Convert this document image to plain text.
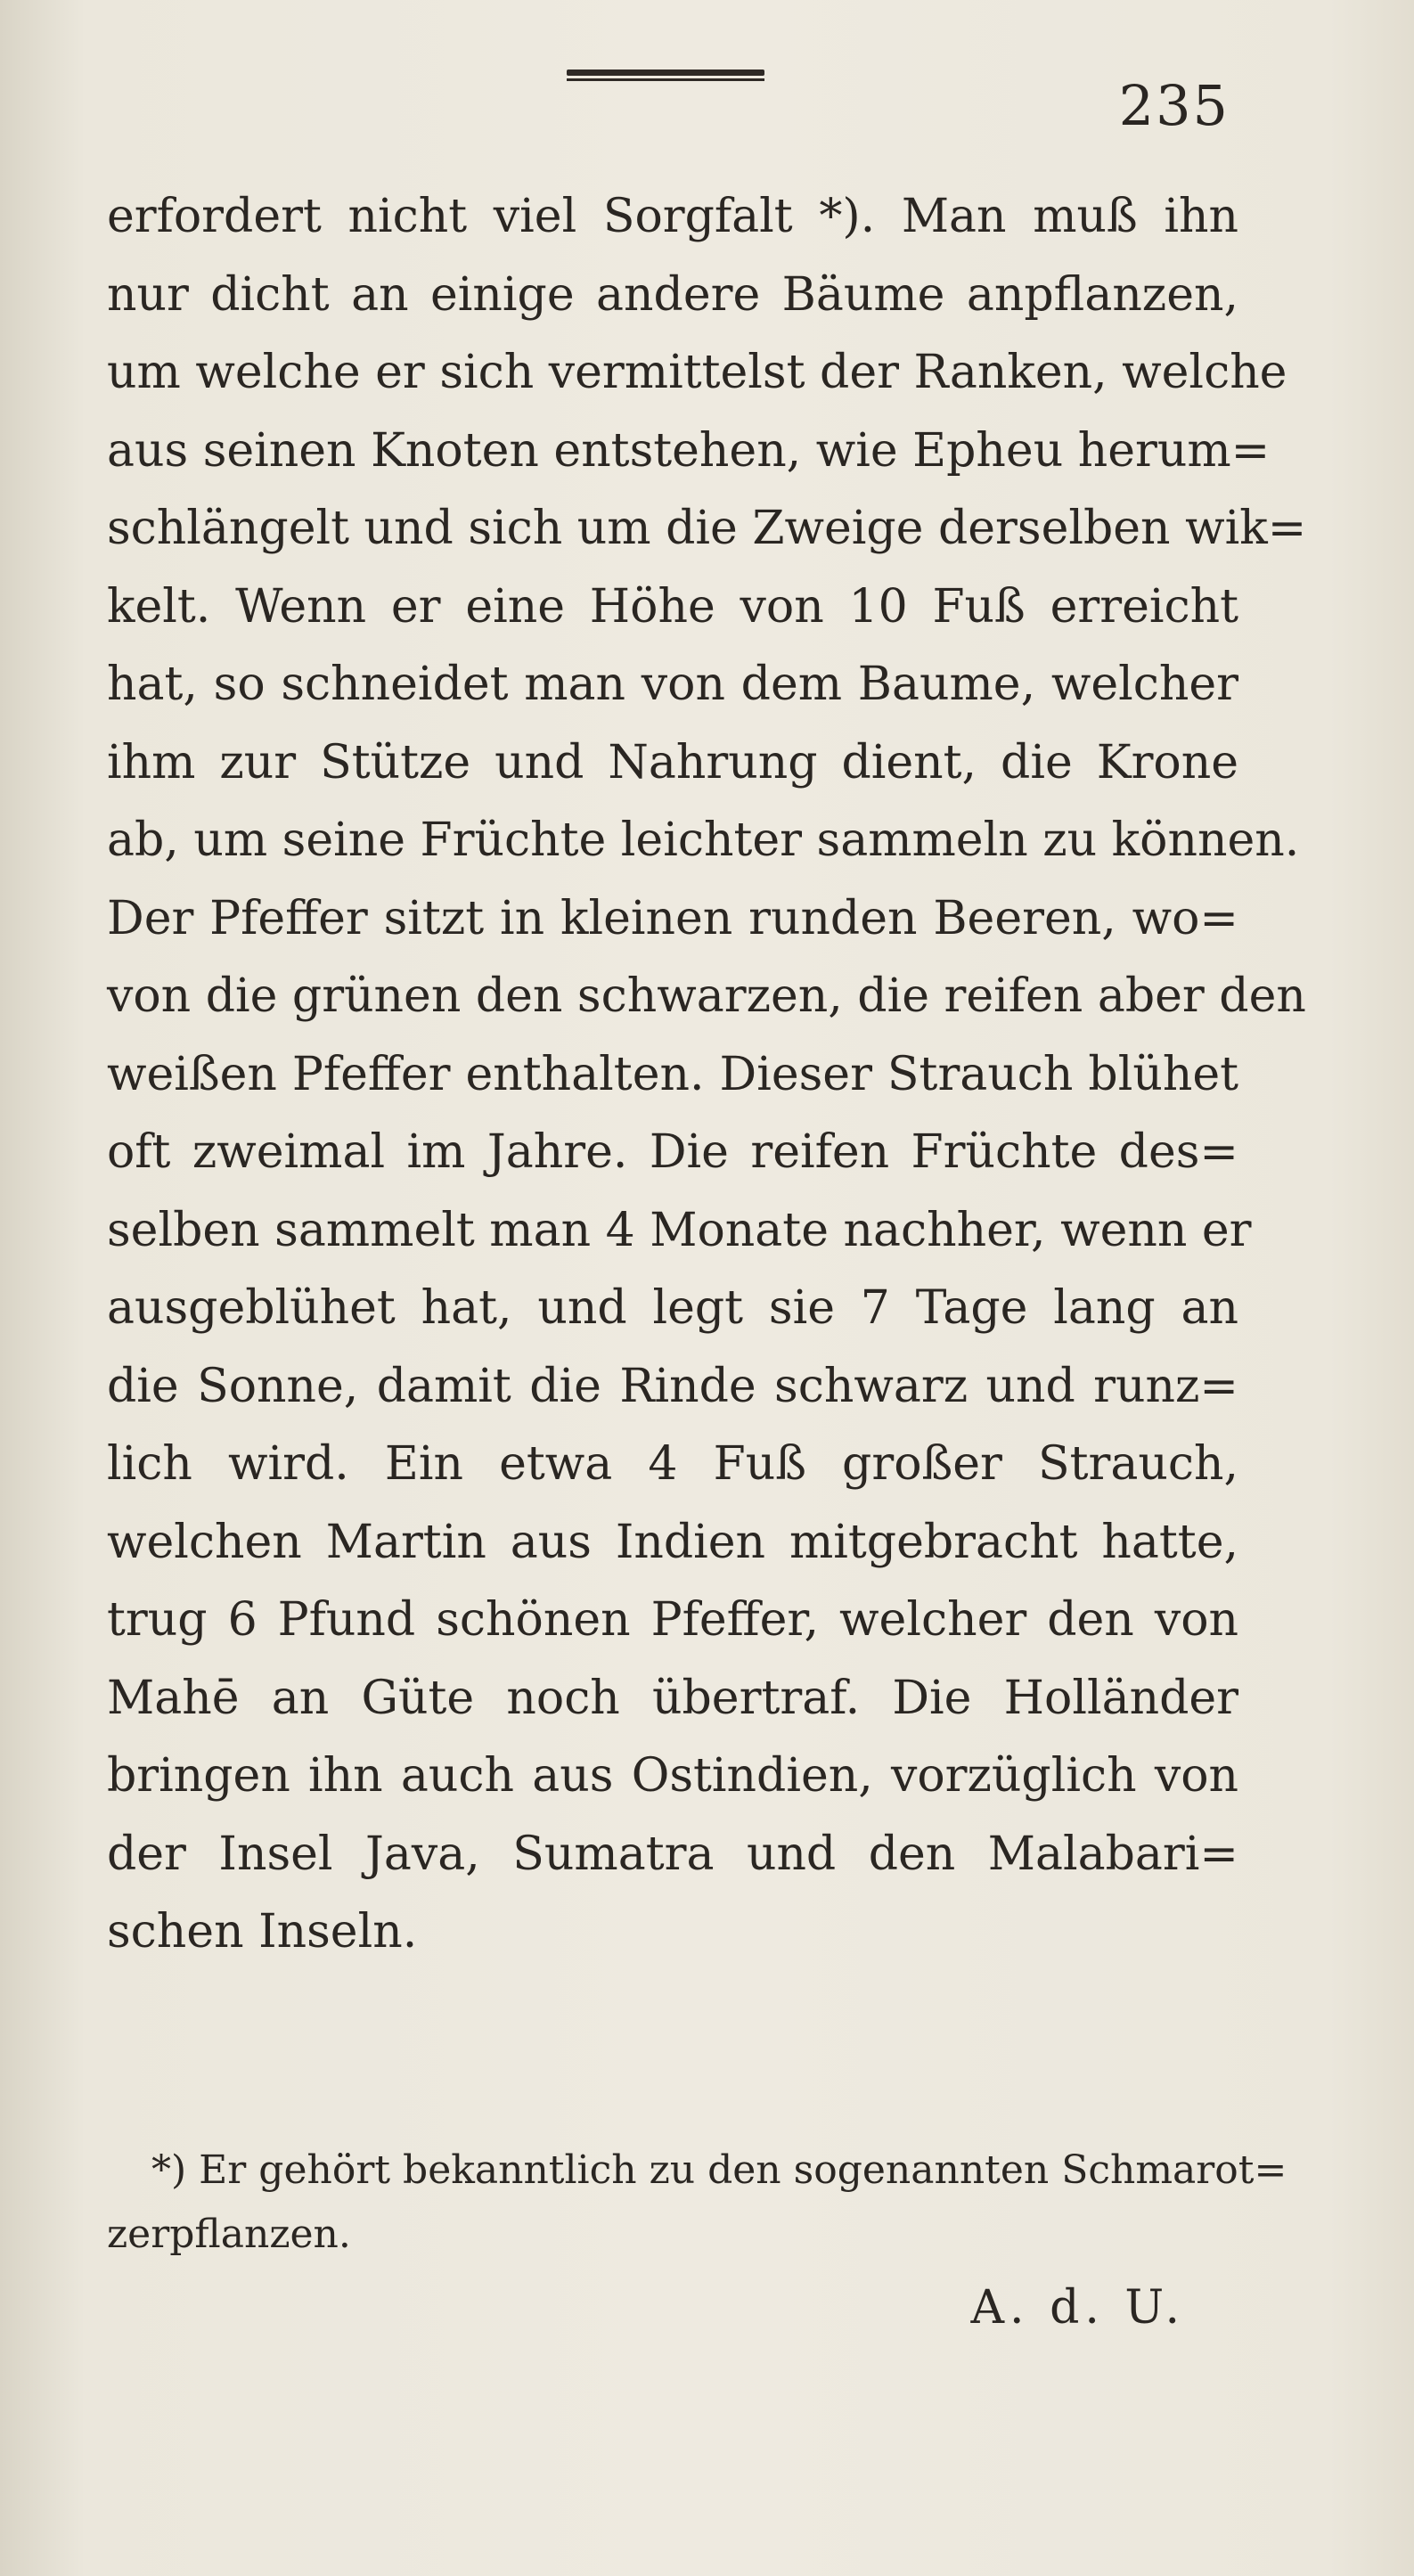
235
erfordert nicht viel Sorgfalt *). Man muß ihn
nur dicht an einige andere Bäume anpflanzen,
um welche er sich vermittelst der Ranken, welche
aus seinen Knoten entstehen, wie Epheu herum=
schlängelt und sich um die Zweige derselben wik=
kelt. Wenn er eine Höhe von 10 Fuß erreicht
hat, so schneidet man von dem Baume, welcher
ihm zur Stütze und Nahrung dient, die Krone
ab, um seine Früchte leichter sammeln zu können.
Der Pfeffer sitzt in kleinen runden Beeren, wo=
von die grünen den schwarzen, die reifen aber den
weißen Pfeffer enthalten. Dieser Strauch blühet
oft zweimal im Jahre. Die reifen Früchte des=
selben sammelt man 4 Monate nachher, wenn er
ausgeblühet hat, und legt sie 7 Tage lang an
die Sonne, damit die Rinde schwarz und runz=
lich wird. Ein etwa 4 Fuß großer Strauch,
welchen Martin aus Indien mitgebracht hatte,
trug 6 Pfund schönen Pfeffer, welcher den von
Mahē an Güte noch übertraf. Die Holländer
bringen ihn auch aus Ostindien, vorzüglich von
der Insel Java, Sumatra und den Malabari=
schen Inseln.
*) Er gehört bekanntlich zu den sogenannten Schmarot=
zerpflanzen.
A. d. U.
